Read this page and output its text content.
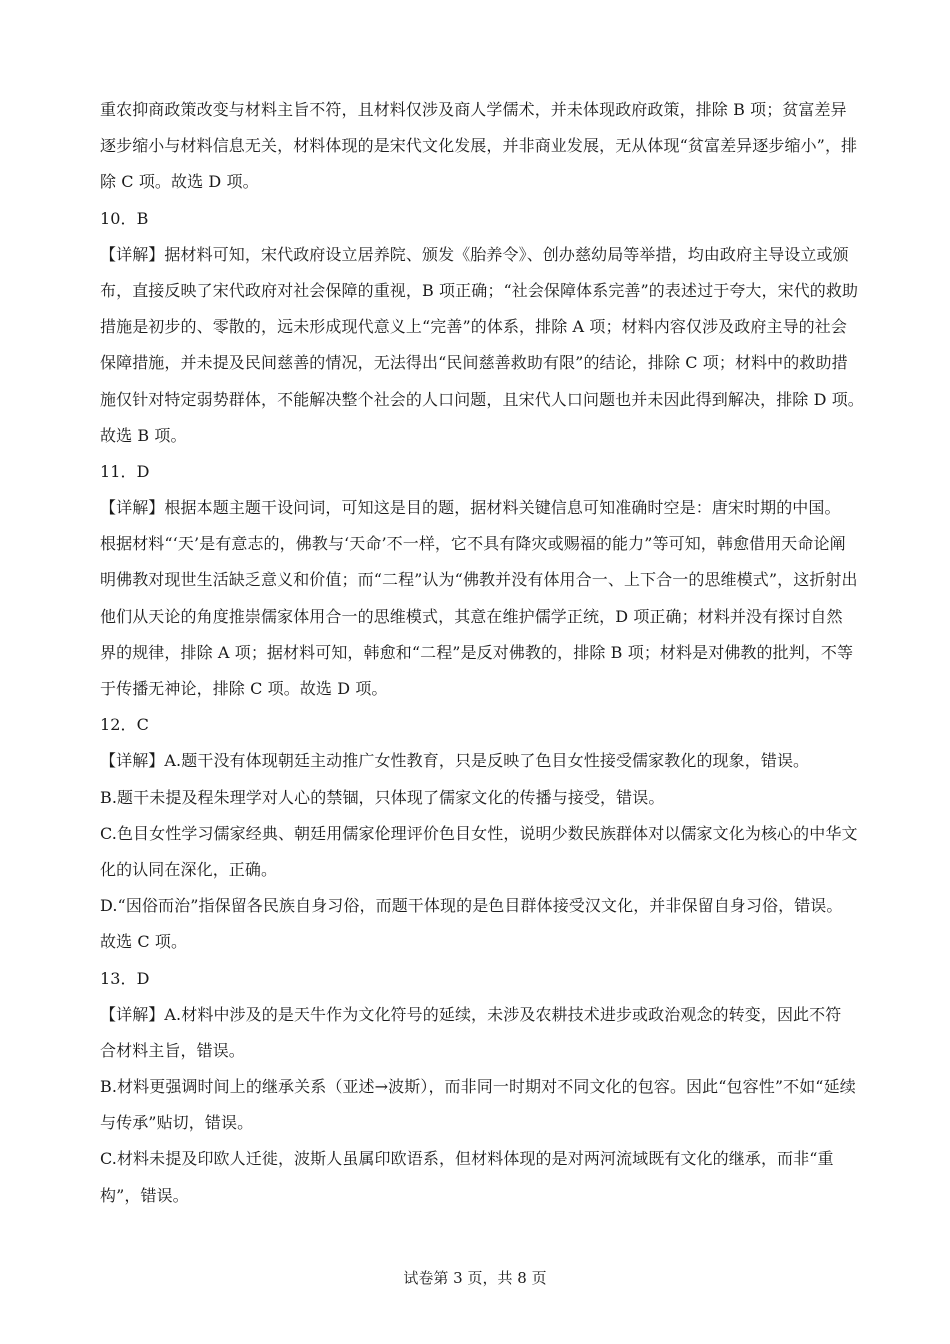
重农抑商政策改变与材料主旨不符，且材料仅涉及商人学儒术，并未体现政府政策，排除 B 项；贫富差异
逐步缩小与材料信息无关，材料体现的是宋代文化发展，并非商业发展，无从体现“贫富差异逐步缩小”，排
除 C 项。故选 D 项。
10．B
【详解】据材料可知，宋代政府设立居养院、颁发《胎养令》、创办慈幼局等举措，均由政府主导设立或颁
布，直接反映了宋代政府对社会保障的重视，B 项正确；“社会保障体系完善”的表述过于夸大，宋代的救助
措施是初步的、零散的，远未形成现代意义上“完善”的体系，排除 A 项；材料内容仅涉及政府主导的社会
保障措施，并未提及民间慈善的情况，无法得出“民间慈善救助有限”的结论，排除 C 项；材料中的救助措
施仅针对特定弱势群体，不能解决整个社会的人口问题，且宋代人口问题也并未因此得到解决，排除 D 项。
故选 B 项。
11．D
【详解】根据本题主题干设问词，可知这是目的题，据材料关键信息可知准确时空是：唐宋时期的中国。
根据材料“‘天’是有意志的，佛教与‘天命’不一样，它不具有降灾或赐福的能力”等可知，韩愈借用天命论阐
明佛教对现世生活缺乏意义和价值；而“二程”认为“佛教并没有体用合一、上下合一的思维模式”，这折射出
他们从天论的角度推崇儒家体用合一的思维模式，其意在维护儒学正统，D 项正确；材料并没有探讨自然
界的规律，排除 A 项；据材料可知，韩愈和“二程”是反对佛教的，排除 B 项；材料是对佛教的批判，不等
于传播无神论，排除 C 项。故选 D 项。
12．C
【详解】A.题干没有体现朝廷主动推广女性教育，只是反映了色目女性接受儒家教化的现象，错误。
B.题干未提及程朱理学对人心的禁锢，只体现了儒家文化的传播与接受，错误。
C.色目女性学习儒家经典、朝廷用儒家伦理评价色目女性，说明少数民族群体对以儒家文化为核心的中华文
化的认同在深化，正确。
D.“因俗而治”指保留各民族自身习俗，而题干体现的是色目群体接受汉文化，并非保留自身习俗，错误。
故选 C 项。
13．D
【详解】A.材料中涉及的是天牛作为文化符号的延续，未涉及农耕技术进步或政治观念的转变，因此不符
合材料主旨，错误。
B.材料更强调时间上的继承关系（亚述→波斯），而非同一时期对不同文化的包容。因此“包容性”不如“延续
与传承”贴切，错误。
C.材料未提及印欧人迁徙，波斯人虽属印欧语系，但材料体现的是对两河流域既有文化的继承，而非“重
构”，错误。
试卷第 3 页，共 8 页
